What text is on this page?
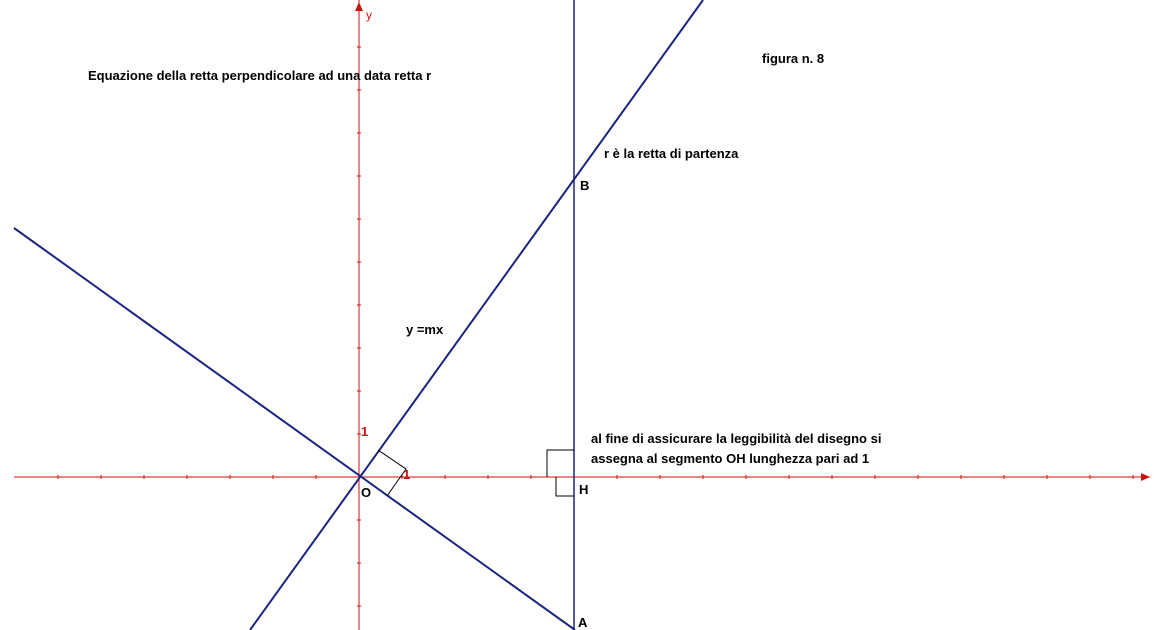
Equazione della retta perpendicolare ad una data retta r
figura n. 8
r è la retta di partenza
y =mx
al fine di assicurare la leggibilità del disegno si
assegna al segmento OH lunghezza pari ad 1
B
H
O
A
y
1
1
